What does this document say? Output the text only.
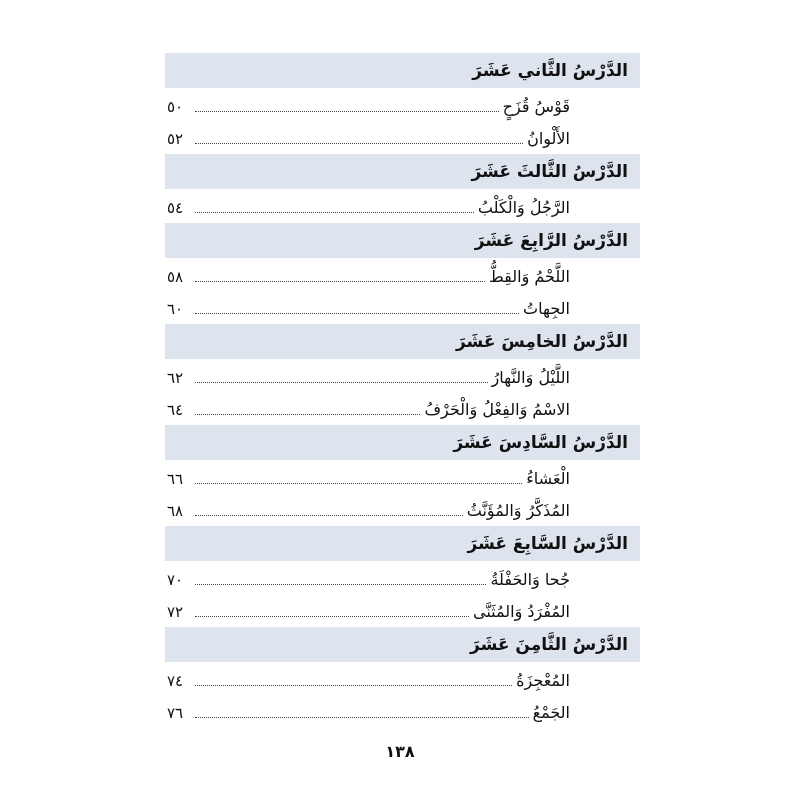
الدَّرْسُ الثَّاني عَشَرَ
قَوْسُ قُزَحٍ
٥٠
الأَلْوانُ
٥٢
الدَّرْسُ الثَّالثَ عَشَرَ
الرَّجُلُ وَالْكَلْبُ
٥٤
الدَّرْسُ الرَّابِعَ عَشَرَ
اللَّحْمُ وَالقِطُّ
٥٨
الجِهاتُ
٦٠
الدَّرْسُ الخامِسَ عَشَرَ
اللَّيْلُ وَالنَّهارُ
٦٢
الاسْمُ وَالفِعْلُ وَالْحَرْفُ
٦٤
الدَّرْسُ السَّادِسَ عَشَرَ
الْعَشاءُ
٦٦
المُذَكَّرُ وَالمُؤَنَّثُ
٦٨
الدَّرْسُ السَّابِعَ عَشَرَ
جُحا وَالحَفْلَةُ
٧٠
المُفْرَدُ وَالمُثَنَّى
٧٢
الدَّرْسُ الثَّامِنَ عَشَرَ
المُعْجِزَةُ
٧٤
الجَمْعُ
٧٦
١٣٨
